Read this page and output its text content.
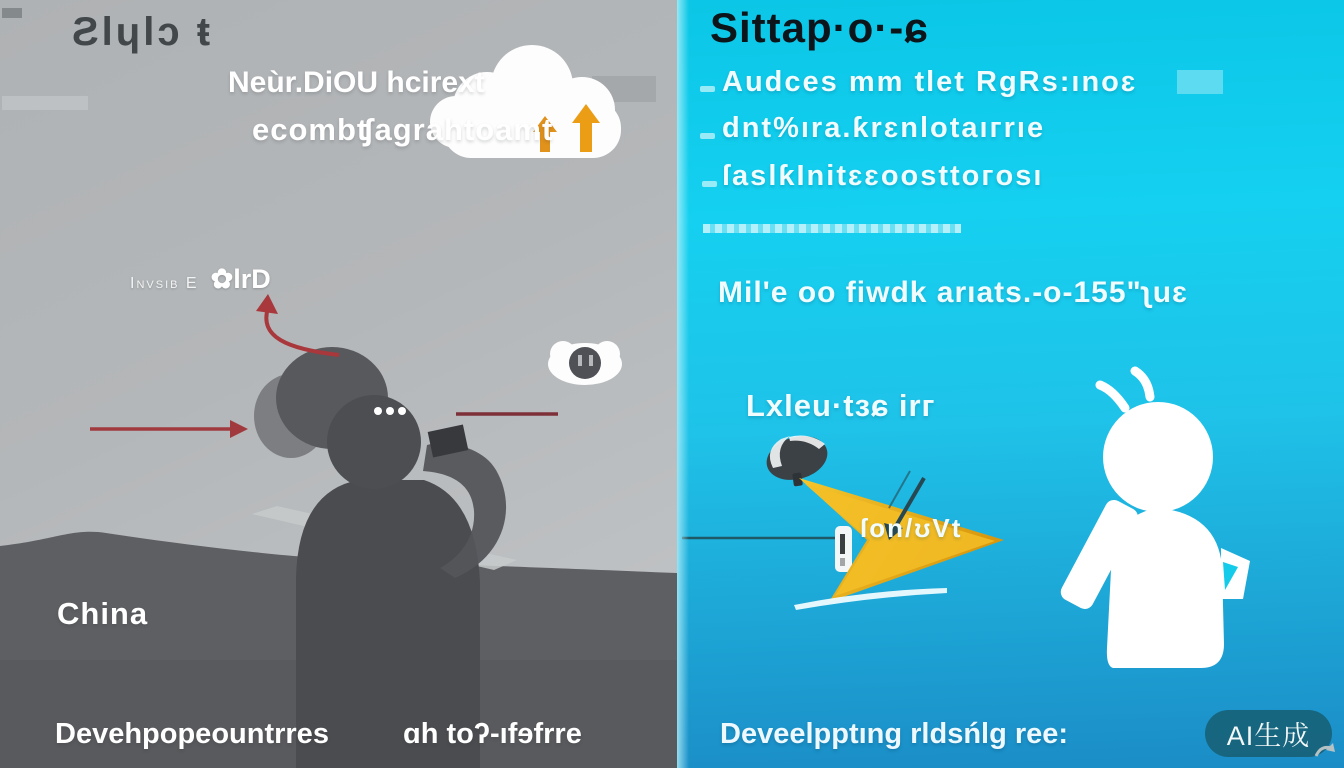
Ƨlɥlɔ ŧ
Neùr.DiOU hcirext
ecombʧagrahtoamt
Invsib E ✿lrD
China
Devehpopeountrres	ɑh toʔ-ıfɘfrre
Sittap·o·-ɕ
Audces mm tlet RgRs:ınoɛ
dnt%ıra.ƙrɛnlotaıгrıe
ſaslƙInitɛɛoosttoгosı
Mil'e oo fiwdk arıats.-o-155"ʅuɛ
Lxleu·tɜɕ irг
ſon/ʊVt
Deveelpptıng rldsńlg ree:	AI生成
